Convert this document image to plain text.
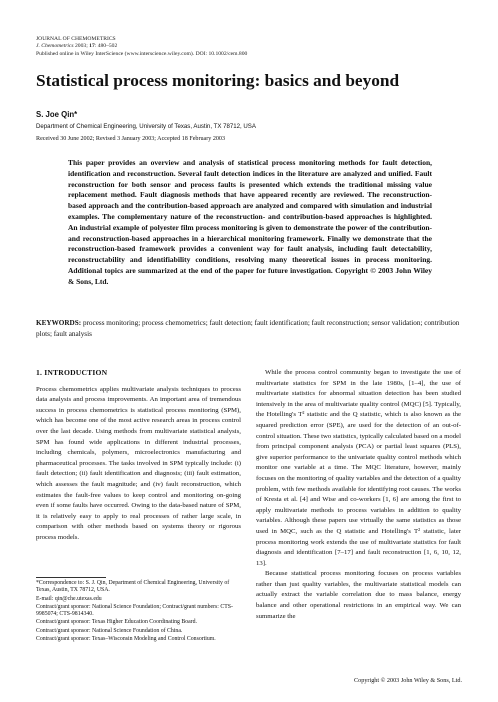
JOURNAL OF CHEMOMETRICS
J. Chemometrics 2003; 17: 480–502
Published online in Wiley InterScience (www.interscience.wiley.com). DOI: 10.1002/cem.800
Statistical process monitoring: basics and beyond
S. Joe Qin*
Department of Chemical Engineering, University of Texas, Austin, TX 78712, USA
Received 30 June 2002; Revised 3 January 2003; Accepted 18 February 2003
This paper provides an overview and analysis of statistical process monitoring methods for fault detection, identification and reconstruction. Several fault detection indices in the literature are analyzed and unified. Fault reconstruction for both sensor and process faults is presented which extends the traditional missing value replacement method. Fault diagnosis methods that have appeared recently are reviewed. The reconstruction-based approach and the contribution-based approach are analyzed and compared with simulation and industrial examples. The complementary nature of the reconstruction- and contribution-based approaches is highlighted. An industrial example of polyester film process monitoring is given to demonstrate the power of the contribution- and reconstruction-based approaches in a hierarchical monitoring framework. Finally we demonstrate that the reconstruction-based framework provides a convenient way for fault analysis, including fault detectability, reconstructability and identifiability conditions, resolving many theoretical issues in process monitoring. Additional topics are summarized at the end of the paper for future investigation. Copyright © 2003 John Wiley & Sons, Ltd.
KEYWORDS: process monitoring; process chemometrics; fault detection; fault identification; fault reconstruction; sensor validation; contribution plots; fault analysis
1. INTRODUCTION

Process chemometrics applies multivariate analysis techniques to process data analysis and process improvements. An important area of tremendous success in process chemometrics is statistical process monitoring (SPM), which has become one of the most active research areas in process control over the last decade. Using methods from multivariate statistical analysis, SPM has found wide applications in different industrial processes, including chemicals, polymers, microelectronics manufacturing and pharmaceutical processes. The tasks involved in SPM typically include: (i) fault detection; (ii) fault identification and diagnosis; (iii) fault estimation, which assesses the fault magnitude; and (iv) fault reconstruction, which estimates the fault-free values to keep control and monitoring on-going even if some faults have occurred. Owing to the data-based nature of SPM, it is relatively easy to apply to real processes of rather large scale, in comparison with other methods based on systems theory or rigorous process models.

While the process control community began to investigate the use of multivariate statistics for SPM in the late 1980s, [1–4], the use of multivariate statistics for abnormal situation detection has been studied intensively in the area of multivariate quality control (MQC) [5]. Typically, the Hotelling's T² statistic and the Q statistic, which is also known as the squared prediction error (SPE), are used for the detection of an out-of-control situation. These two statistics, typically calculated based on a model from principal component analysis (PCA) or partial least squares (PLS), give superior performance to the univariate quality control methods which monitor one variable at a time. The MQC literature, however, mainly focuses on the monitoring of quality variables and the detection of a quality problem, with few methods available for identifying root causes. The works of Kresta et al. [4] and Wise and co-workers [1, 6] are among the first to apply multivariate methods to process variables in addition to quality variables. Although these papers use virtually the same statistics as those used in MQC, such as the Q statistic and Hotelling's T² statistic, later process monitoring work extends the use of multivariate statistics for fault diagnosis and identification [7–17] and fault reconstruction [1, 6, 10, 12, 13].

Because statistical process monitoring focuses on process variables rather than just quality variables, the multivariate statistical models can actually extract the variable correlation due to mass balance, energy balance and other operational restrictions in an empirical way. We can summarize the

*Correspondence to: S. J. Qin, Department of Chemical Engineering, University of Texas, Austin, TX 78712, USA.
E-mail: qin@che.utexas.edu
Contract/grant sponsor: National Science Foundation; Contract/grant numbers: CTS-9985074; CTS-9814340.
Contract/grant sponsor: Texas Higher Education Coordinating Board.
Contract/grant sponsor: National Science Foundation of China.
Contract/grant sponsor: Texas–Wisconsin Modeling and Control Consortium.
Copyright © 2003 John Wiley & Sons, Ltd.
